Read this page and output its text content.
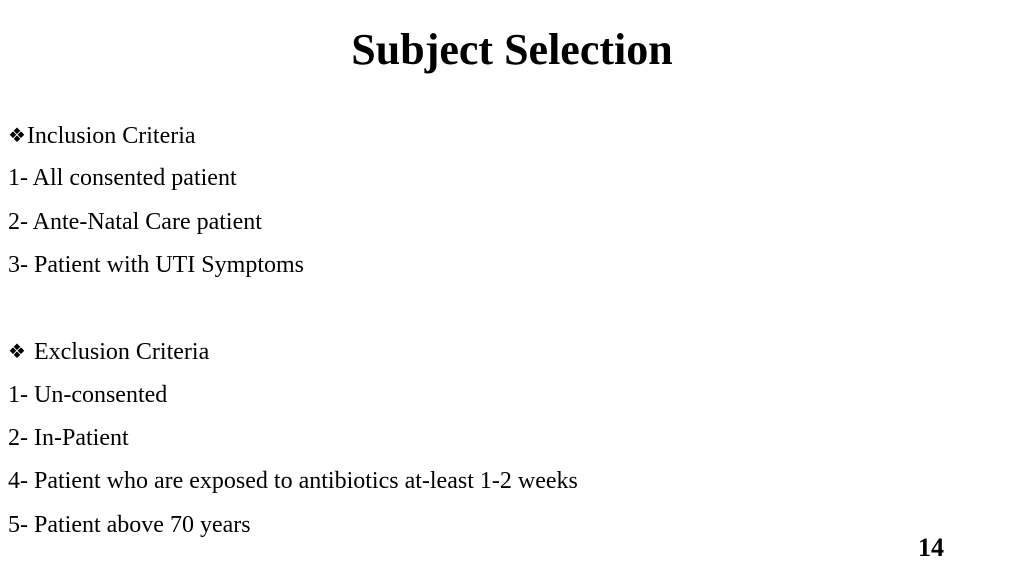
Subject Selection
❖Inclusion Criteria
1- All consented patient
2- Ante-Natal Care patient
3- Patient with UTI Symptoms
❖ Exclusion Criteria
1- Un-consented
2- In-Patient
4- Patient who are exposed to antibiotics at-least 1-2 weeks
5- Patient above 70 years
14
